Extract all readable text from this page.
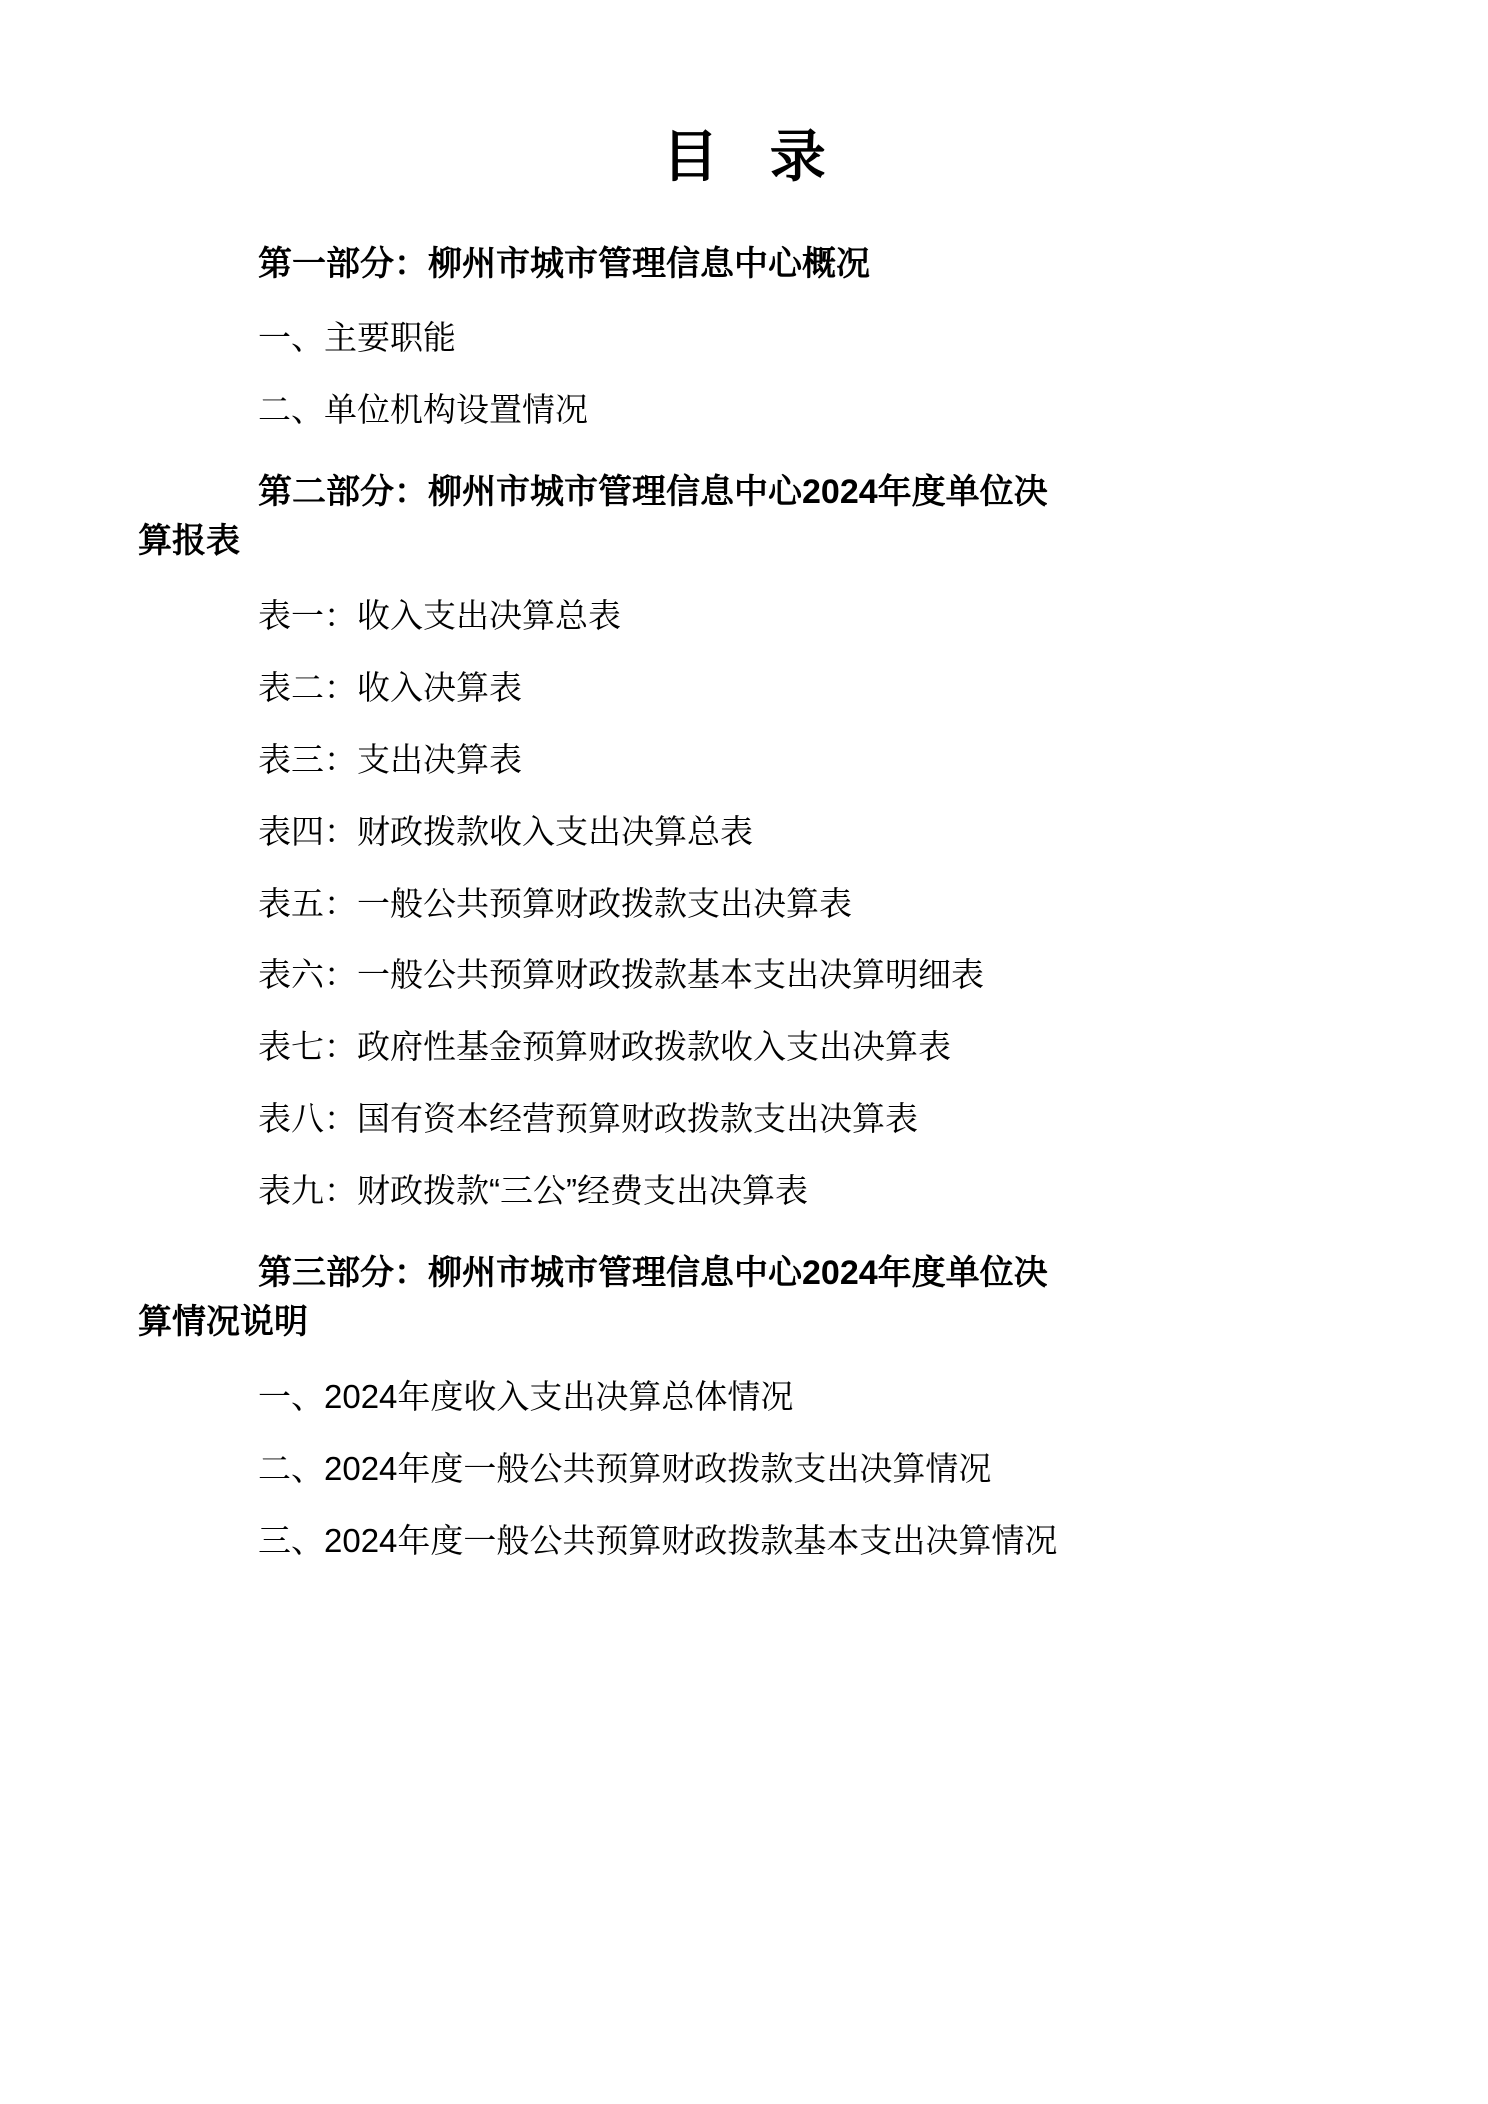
目 录

第一部分：柳州市城市管理信息中心概况

一、主要职能

二、单位机构设置情况

第二部分：柳州市城市管理信息中心2024年度单位决

算报表

表一：收入支出决算总表

表二：收入决算表

表三：支出决算表

表四：财政拨款收入支出决算总表

表五：一般公共预算财政拨款支出决算表

表六：一般公共预算财政拨款基本支出决算明细表

表七：政府性基金预算财政拨款收入支出决算表

表八：国有资本经营预算财政拨款支出决算表

表九：财政拨款“三公”经费支出决算表

第三部分：柳州市城市管理信息中心2024年度单位决

算情况说明

一、2024年度收入支出决算总体情况

二、2024年度一般公共预算财政拨款支出决算情况

三、2024年度一般公共预算财政拨款基本支出决算情况
